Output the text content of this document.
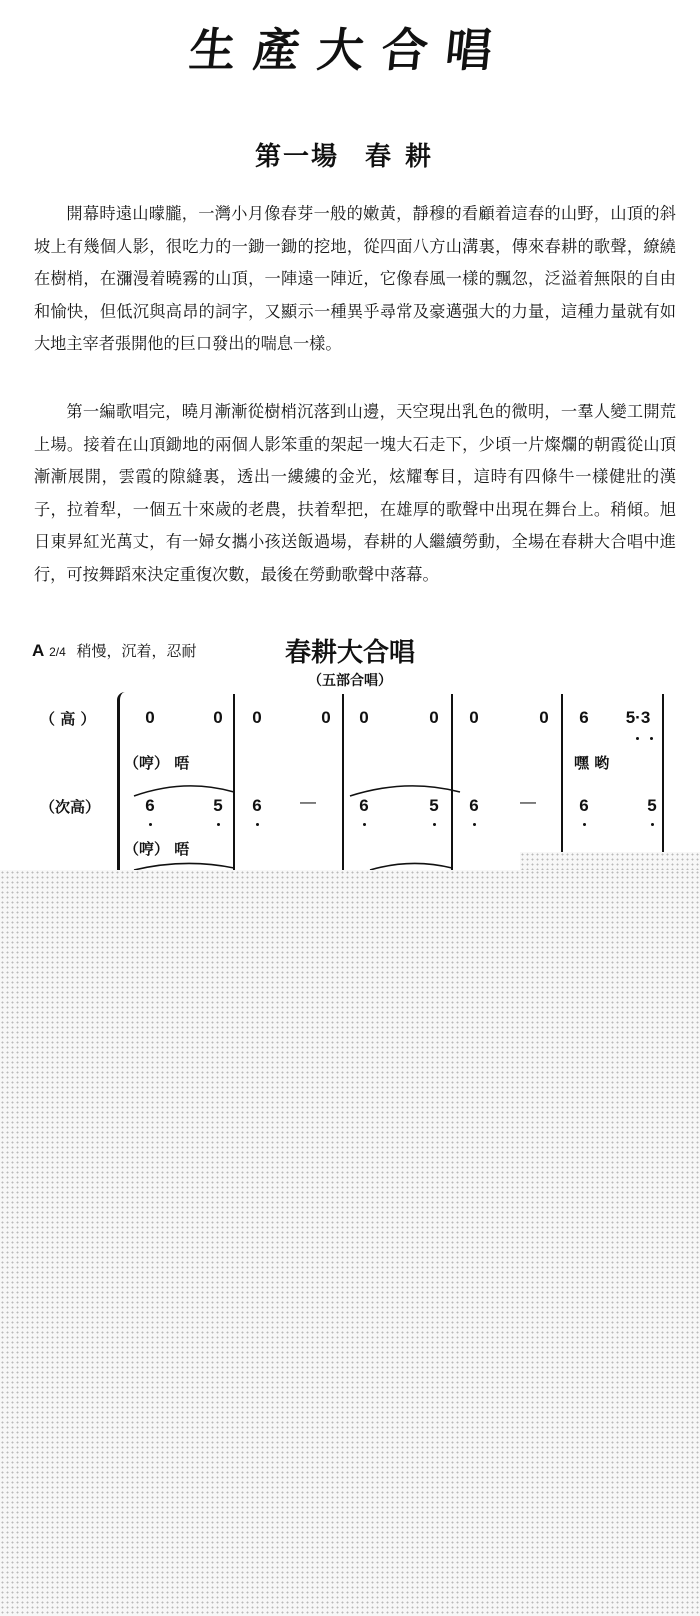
生產大合唱
第一場 春耕

開幕時遠山曚朧，一灣小月像春芽一般的嫩黃，靜穆的看顧着這春的山野，山頂的斜坡上有幾個人影，很吃力的一鋤一鋤的挖地，從四面八方山溝裏，傳來春耕的歌聲，繚繞在樹梢，在瀰漫着曉霧的山頂，一陣遠一陣近，它像春風一樣的飄忽，泛溢着無限的自由和愉快，但低沉與高昂的詞字，又顯示一種異乎尋常及豪邁强大的力量，這種力量就有如大地主宰者張開他的巨口發出的喘息一樣。

第一編歌唱完，曉月漸漸從樹梢沉落到山邊，天空現出乳色的微明，一羣人變工開荒上場。接着在山頂鋤地的兩個人影笨重的架起一塊大石走下，少頃一片燦爛的朝霞從山頂漸漸展開，雲霞的隙縫裏，透出一縷縷的金光，炫耀奪目，這時有四條牛一樣健壯的漢子，拉着犁，一個五十來歲的老農，扶着犁把，在雄厚的歌聲中出現在舞台上。稍傾。旭日東昇紅光萬丈，有一婦女攜小孩送飯過場，春耕的人繼續勞動，全場在春耕大合唱中進行，可按舞蹈來決定重復次數，最後在勞動歌聲中落幕。

A 2/4 稍慢，沉着，忍耐	春耕大合唱
（五部合唱）
（ 高 ）
（哼） 唔
（次高）
（哼） 唔
嘿 哟
0	0	0	0	0	0	0	0	6	5·3
6	5	6	—	6	5	6	—	6	5
